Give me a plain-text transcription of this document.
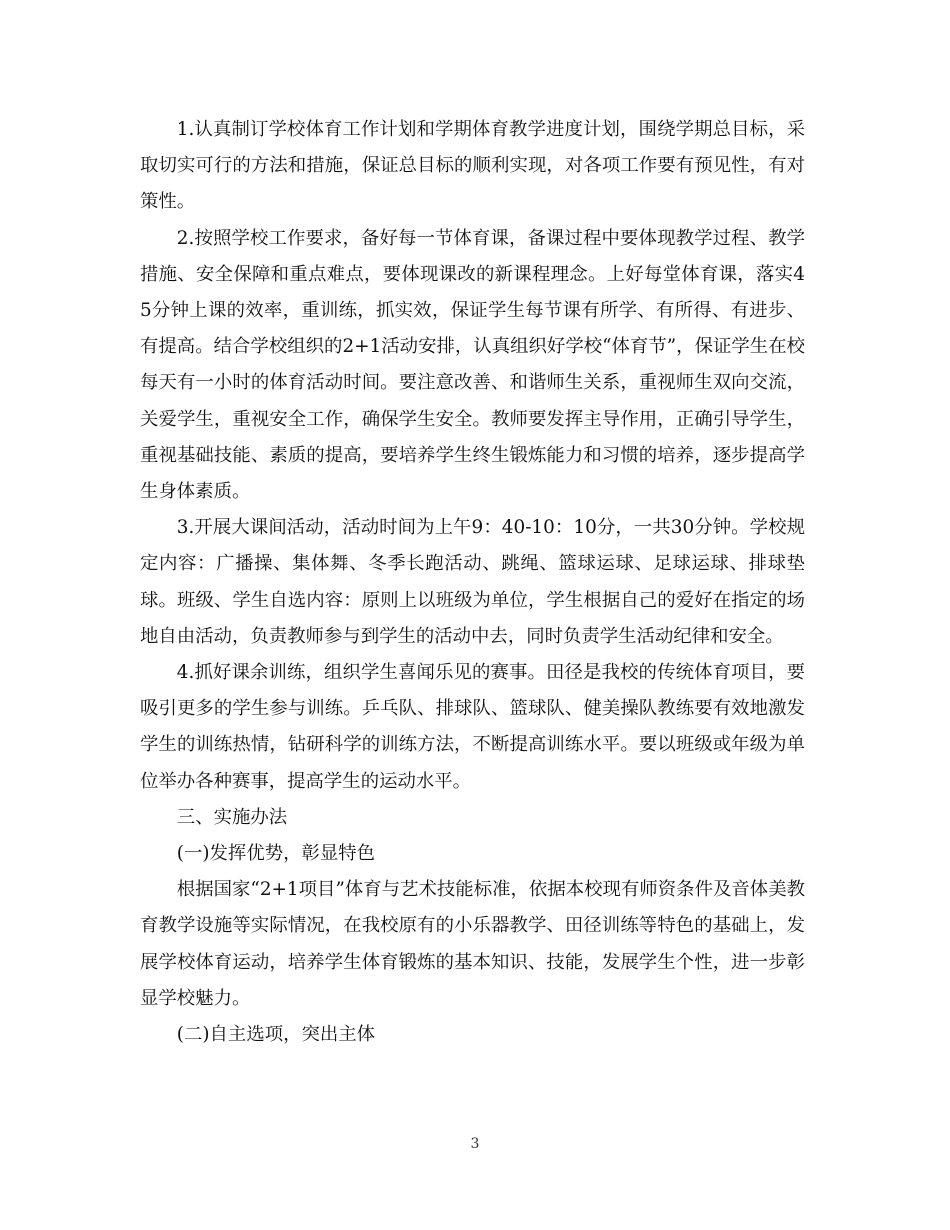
1.认真制订学校体育工作计划和学期体育教学进度计划，围绕学期总目标，采取切实可行的方法和措施，保证总目标的顺利实现，对各项工作要有预见性，有对策性。

2.按照学校工作要求，备好每一节体育课，备课过程中要体现教学过程、教学措施、安全保障和重点难点，要体现课改的新课程理念。上好每堂体育课，落实45分钟上课的效率，重训练，抓实效，保证学生每节课有所学、有所得、有进步、有提高。结合学校组织的2+1活动安排，认真组织好学校“体育节”，保证学生在校每天有一小时的体育活动时间。要注意改善、和谐师生关系，重视师生双向交流，关爱学生，重视安全工作，确保学生安全。教师要发挥主导作用，正确引导学生，重视基础技能、素质的提高，要培养学生终生锻炼能力和习惯的培养，逐步提高学生身体素质。

3.开展大课间活动，活动时间为上午9：40-10：10分，一共30分钟。学校规定内容：广播操、集体舞、冬季长跑活动、跳绳、篮球运球、足球运球、排球垫球。班级、学生自选内容：原则上以班级为单位，学生根据自己的爱好在指定的场地自由活动，负责教师参与到学生的活动中去，同时负责学生活动纪律和安全。

4.抓好课余训练，组织学生喜闻乐见的赛事。田径是我校的传统体育项目，要吸引更多的学生参与训练。乒乓队、排球队、篮球队、健美操队教练要有效地激发学生的训练热情，钻研科学的训练方法，不断提高训练水平。要以班级或年级为单位举办各种赛事，提高学生的运动水平。

三、实施办法

(一)发挥优势，彰显特色

根据国家“2+1项目”体育与艺术技能标准，依据本校现有师资条件及音体美教育教学设施等实际情况，在我校原有的小乐器教学、田径训练等特色的基础上，发展学校体育运动，培养学生体育锻炼的基本知识、技能，发展学生个性，进一步彰显学校魅力。

(二)自主选项，突出主体

3
